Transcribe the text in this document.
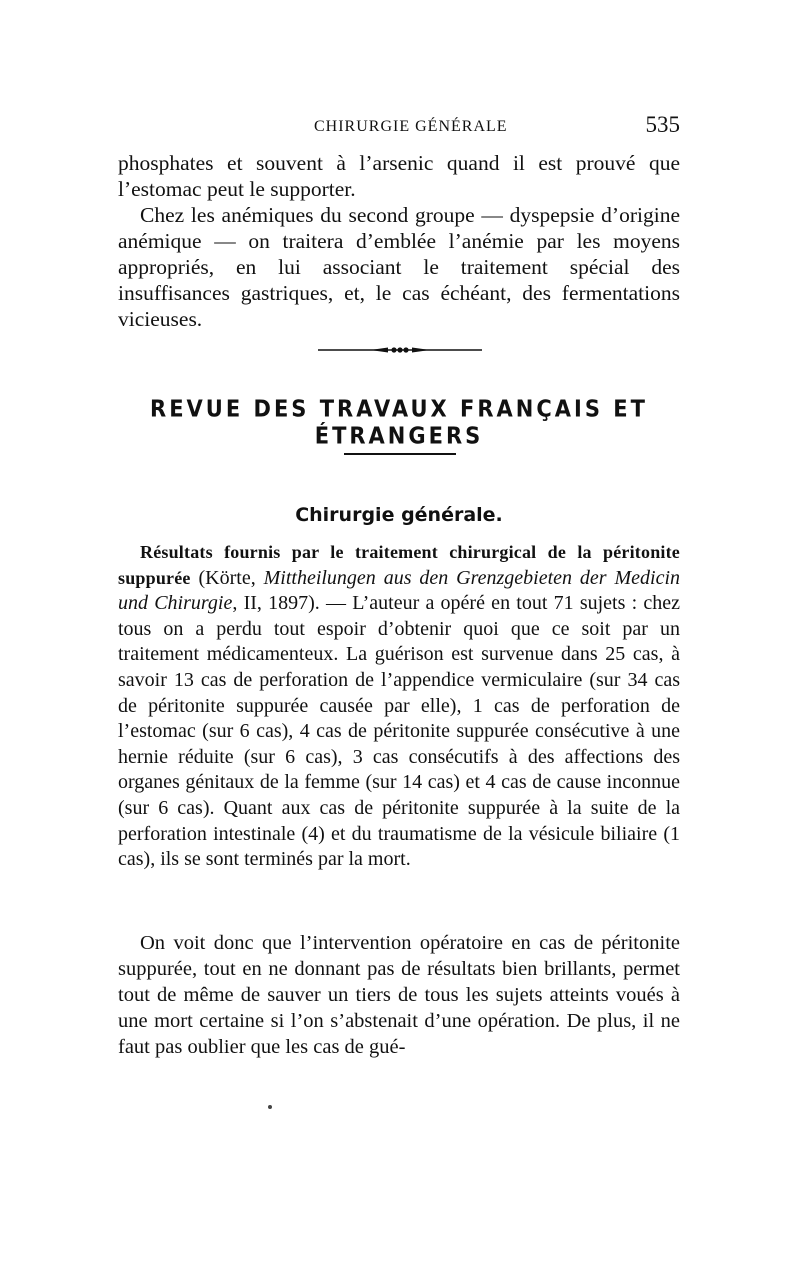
CHIRURGIE GÉNÉRALE	535

phosphates et souvent à l’arsenic quand il est prouvé que l’estomac peut le supporter.

Chez les anémiques du second groupe — dyspepsie d’origine anémique — on traitera d’emblée l’anémie par les moyens appropriés, en lui associant le traitement spécial des insuffisances gastriques, et, le cas échéant, des fermentations vicieuses.

REVUE DES TRAVAUX FRANÇAIS ET ÉTRANGERS
Chirurgie générale.

Résultats fournis par le traitement chirurgical de la péritonite suppurée (Körte, Mittheilungen aus den Grenzgebieten der Medicin und Chirurgie, II, 1897). — L’auteur a opéré en tout 71 sujets : chez tous on a perdu tout espoir d’obtenir quoi que ce soit par un traitement médicamenteux. La guérison est survenue dans 25 cas, à savoir 13 cas de perforation de l’appendice vermiculaire (sur 34 cas de péritonite suppurée causée par elle), 1 cas de perforation de l’estomac (sur 6 cas), 4 cas de péritonite suppurée consécutive à une hernie réduite (sur 6 cas), 3 cas consécutifs à des affections des organes génitaux de la femme (sur 14 cas) et 4 cas de cause inconnue (sur 6 cas). Quant aux cas de péritonite suppurée à la suite de la perforation intestinale (4) et du traumatisme de la vésicule biliaire (1 cas), ils se sont terminés par la mort.

On voit donc que l’intervention opératoire en cas de péritonite suppurée, tout en ne donnant pas de résultats bien brillants, permet tout de même de sauver un tiers de tous les sujets atteints voués à une mort certaine si l’on s’abstenait d’une opération. De plus, il ne faut pas oublier que les cas de gué-
